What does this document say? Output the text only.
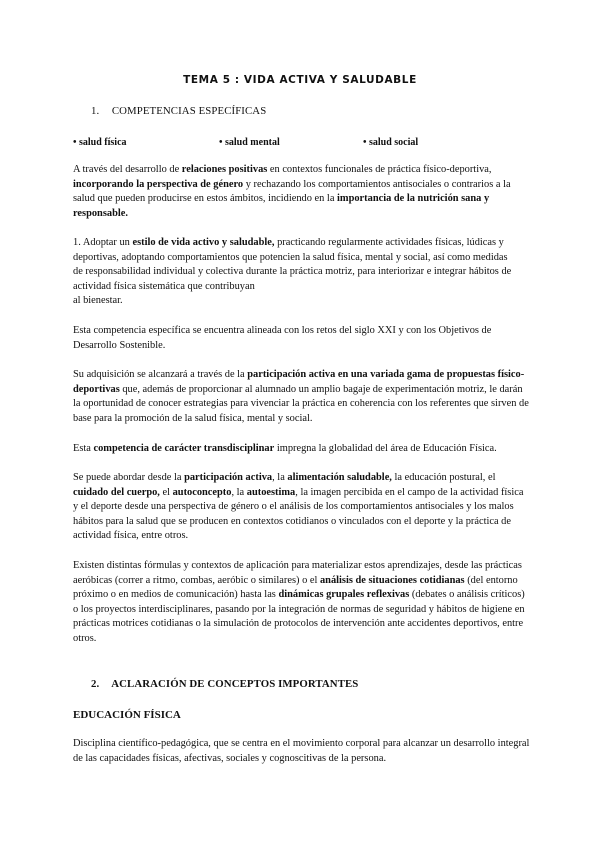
TEMA 5 : VIDA ACTIVA Y SALUDABLE
1. COMPETENCIAS ESPECÍFICAS
• salud física	• salud mental	• salud social

A través del desarrollo de relaciones positivas en contextos funcionales de práctica físico-deportiva, incorporando la perspectiva de género y rechazando los comportamientos antisociales o contrarios a la salud que pueden producirse en estos ámbitos, incidiendo en la importancia de la nutrición sana y responsable.

1. Adoptar un estilo de vida activo y saludable, practicando regularmente actividades físicas, lúdicas y deportivas, adoptando comportamientos que potencien la salud física, mental y social, así como medidas de responsabilidad individual y colectiva durante la práctica motriz, para interiorizar e integrar hábitos de actividad física sistemática que contribuyan
al bienestar.

Esta competencia específica se encuentra alineada con los retos del siglo XXI y con los Objetivos de Desarrollo Sostenible.

Su adquisición se alcanzará a través de la participación activa en una variada gama de propuestas físico-deportivas que, además de proporcionar al alumnado un amplio bagaje de experimentación motriz, le darán la oportunidad de conocer estrategias para vivenciar la práctica en coherencia con los referentes que sirven de base para la promoción de la salud física, mental y social.

Esta competencia de carácter transdisciplinar impregna la globalidad del área de Educación Física.

Se puede abordar desde la participación activa, la alimentación saludable, la educación postural, el cuidado del cuerpo, el autoconcepto, la autoestima, la imagen percibida en el campo de la actividad física y el deporte desde una perspectiva de género o el análisis de los comportamientos antisociales y los malos hábitos para la salud que se producen en contextos cotidianos o vinculados con el deporte y la práctica de actividad física, entre otros.

Existen distintas fórmulas y contextos de aplicación para materializar estos aprendizajes, desde las prácticas aeróbicas (correr a ritmo, combas, aeróbic o similares) o el análisis de situaciones cotidianas (del entorno próximo o en medios de comunicación) hasta las dinámicas grupales reflexivas (debates o análisis críticos) o los proyectos interdisciplinares, pasando por la integración de normas de seguridad y hábitos de higiene en prácticas motrices cotidianas o la simulación de protocolos de intervención ante accidentes deportivos, entre otros.

2. ACLARACIÓN DE CONCEPTOS IMPORTANTES
EDUCACIÓN FÍSICA

Disciplina científico-pedagógica, que se centra en el movimiento corporal para alcanzar un desarrollo integral de las capacidades físicas, afectivas, sociales y cognoscitivas de la persona.
